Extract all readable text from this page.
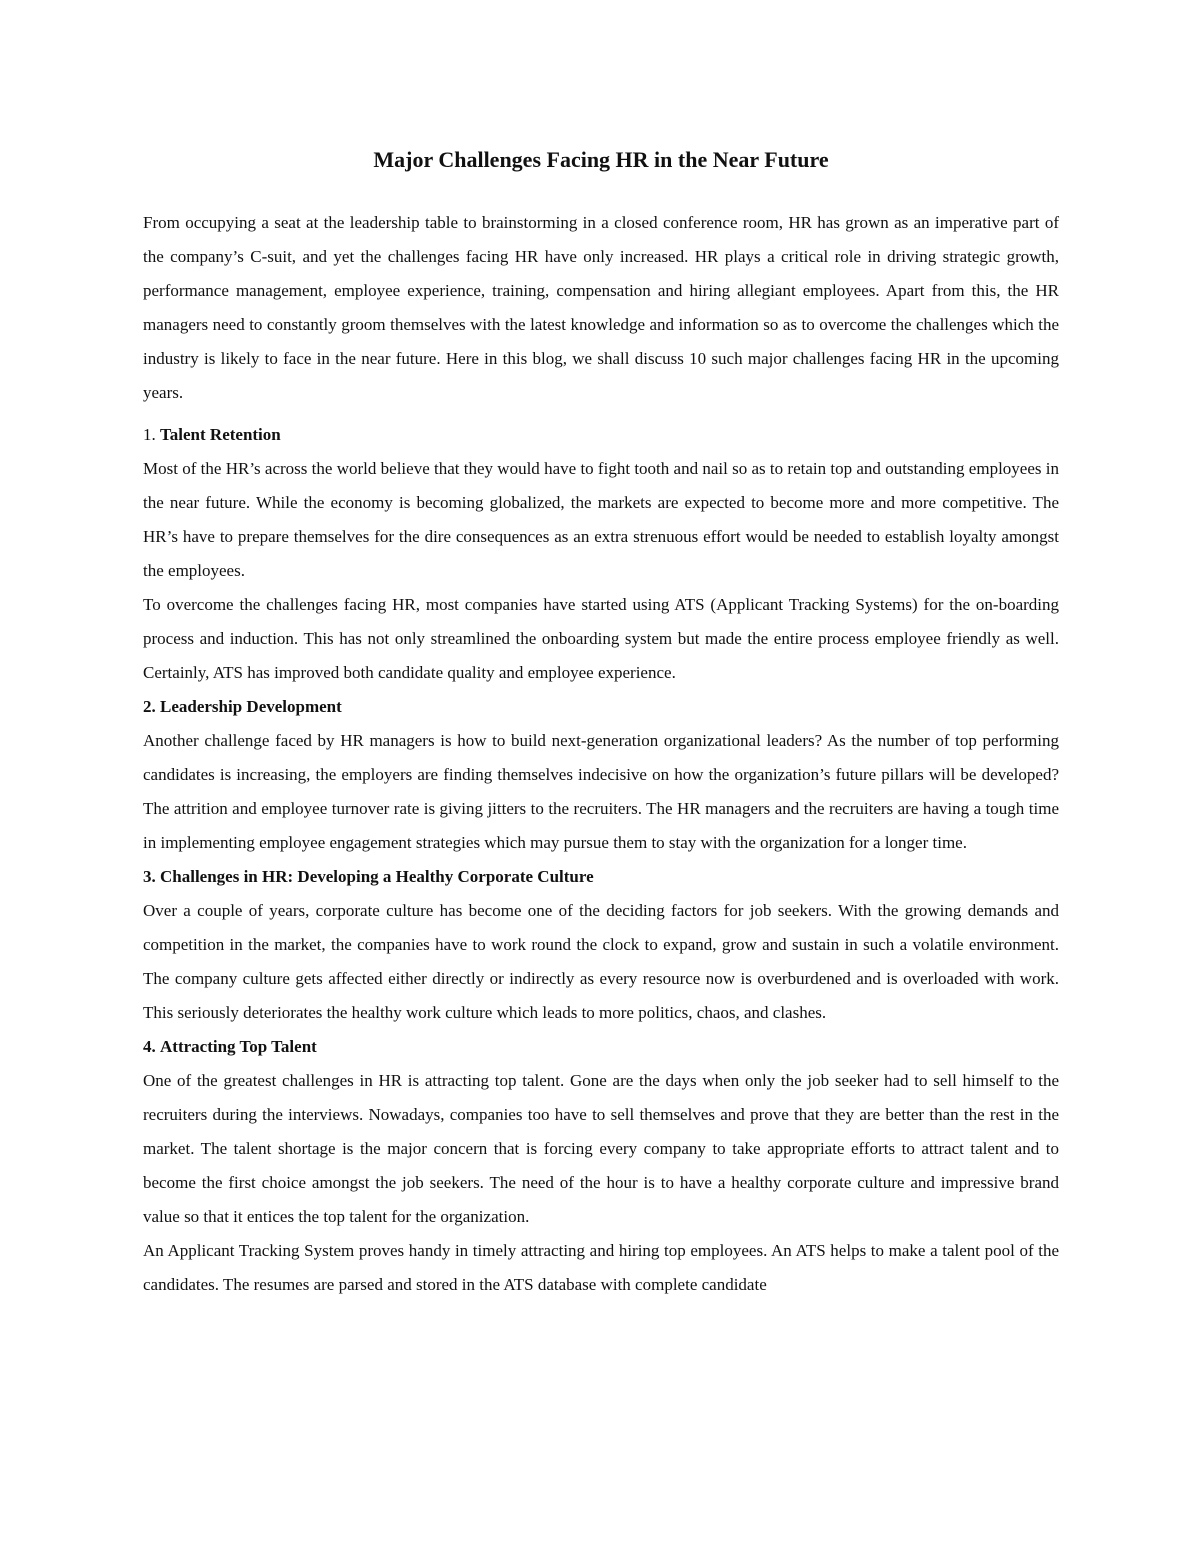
Major Challenges Facing HR in the Near Future

From occupying a seat at the leadership table to brainstorming in a closed conference room, HR has grown as an imperative part of the company’s C-suit, and yet the challenges facing HR have only increased. HR plays a critical role in driving strategic growth, performance management, employee experience, training, compensation and hiring allegiant employees. Apart from this, the HR managers need to constantly groom themselves with the latest knowledge and information so as to overcome the challenges which the industry is likely to face in the near future. Here in this blog, we shall discuss 10 such major challenges facing HR in the upcoming years.

1. Talent Retention

Most of the HR’s across the world believe that they would have to fight tooth and nail so as to retain top and outstanding employees in the near future. While the economy is becoming globalized, the markets are expected to become more and more competitive. The HR’s have to prepare themselves for the dire consequences as an extra strenuous effort would be needed to establish loyalty amongst the employees.

To overcome the challenges facing HR, most companies have started using ATS (Applicant Tracking Systems) for the on-boarding process and induction. This has not only streamlined the onboarding system but made the entire process employee friendly as well. Certainly, ATS has improved both candidate quality and employee experience.

2. Leadership Development

Another challenge faced by HR managers is how to build next-generation organizational leaders? As the number of top performing candidates is increasing, the employers are finding themselves indecisive on how the organization’s future pillars will be developed? The attrition and employee turnover rate is giving jitters to the recruiters. The HR managers and the recruiters are having a tough time in implementing employee engagement strategies which may pursue them to stay with the organization for a longer time.

3. Challenges in HR: Developing a Healthy Corporate Culture

Over a couple of years, corporate culture has become one of the deciding factors for job seekers. With the growing demands and competition in the market, the companies have to work round the clock to expand, grow and sustain in such a volatile environment. The company culture gets affected either directly or indirectly as every resource now is overburdened and is overloaded with work. This seriously deteriorates the healthy work culture which leads to more politics, chaos, and clashes.

4. Attracting Top Talent

One of the greatest challenges in HR is attracting top talent. Gone are the days when only the job seeker had to sell himself to the recruiters during the interviews. Nowadays, companies too have to sell themselves and prove that they are better than the rest in the market. The talent shortage is the major concern that is forcing every company to take appropriate efforts to attract talent and to become the first choice amongst the job seekers. The need of the hour is to have a healthy corporate culture and impressive brand value so that it entices the top talent for the organization.

An Applicant Tracking System proves handy in timely attracting and hiring top employees. An ATS helps to make a talent pool of the candidates. The resumes are parsed and stored in the ATS database with complete candidate
